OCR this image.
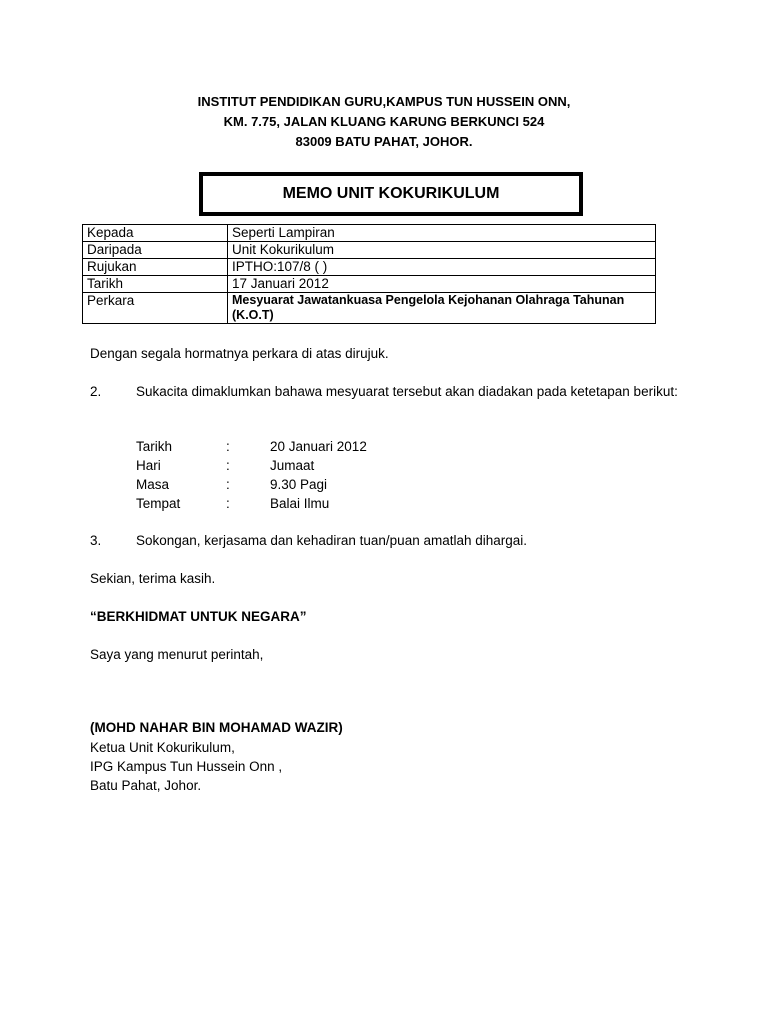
INSTITUT PENDIDIKAN GURU,KAMPUS TUN HUSSEIN ONN,
KM. 7.75, JALAN KLUANG KARUNG BERKUNCI 524
83009 BATU PAHAT, JOHOR.
MEMO UNIT KOKURIKULUM
Kepada	Seperti Lampiran
Daripada	Unit Kokurikulum
Rujukan	IPTHO:107/8 ( )
Tarikh	17 Januari 2012
Perkara	Mesyuarat Jawatankuasa Pengelola Kejohanan Olahraga Tahunan (K.O.T)
Dengan segala hormatnya perkara di atas dirujuk.
2.	Sukacita dimaklumkan bahawa mesyuarat tersebut akan diadakan pada ketetapan berikut:
Tarikh	:	20 Januari 2012
Hari	:	Jumaat
Masa	:	9.30 Pagi
Tempat	:	Balai Ilmu
3.	Sokongan, kerjasama dan kehadiran tuan/puan amatlah dihargai.
Sekian, terima kasih.
“BERKHIDMAT UNTUK NEGARA”
Saya yang menurut perintah,
(MOHD NAHAR BIN MOHAMAD WAZIR)
Ketua Unit Kokurikulum,
IPG Kampus Tun Hussein Onn ,
Batu Pahat, Johor.
